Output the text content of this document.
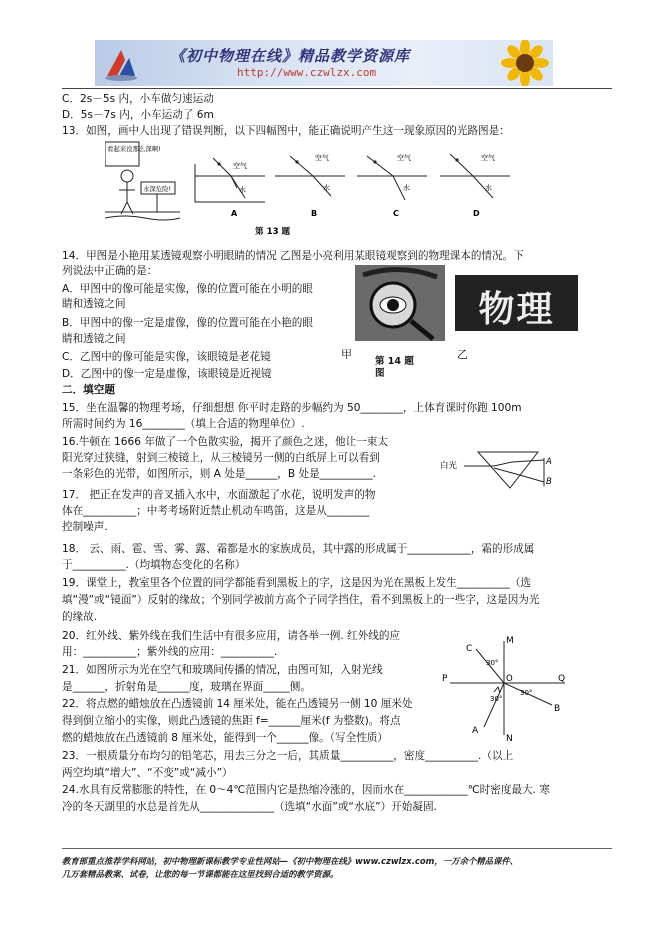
《初中物理在线》精品教学资源库
http://www.czwlzx.com
C．2s－5s 内，小车做匀速运动
D．5s－7s 内，小车运动了 6m
13．如图，画中人出现了错误判断，以下四幅图中，能正确说明产生这一现象原因的光路图是：
14．甲图是小艳用某透镜观察小明眼睛的情况 乙图是小亮利用某眼镜观察到的物理课本的情况。下
列说法中正确的是：
A．甲图中的像可能是实像，像的位置可能在小明的眼
睛和透镜之间
B．甲图中的像一定是虚像，像的位置可能在小艳的眼
睛和透镜之间
C．乙图中的像可能是实像，该眼镜是老花镜
D．乙图中的像一定是虚像，该眼镜是近视镜
二．填空题
15．坐在温馨的物理考场，仔细想想 你平时走路的步幅约为 50________，上体育课时你跑 100m
所需时间约为 16________（填上合适的物理单位）.
16.牛顿在 1666 年做了一个色散实验，揭开了颜色之迷，他让一束太
阳光穿过狭缝，射到三棱镜上，从三棱镜另一侧的白纸屏上可以看到
一条彩色的光带，如图所示，则 A 处是______，B 处是__________.
17． 把正在发声的音叉插入水中，水面激起了水花，说明发声的物
体在__________；中考考场附近禁止机动车鸣笛，这是从________
控制噪声.
18． 云、雨、雹、雪、雾、露、霜都是水的家族成员，其中露的形成属于____________，霜的形成属
于__________.（均填物态变化的名称）
19．课堂上，教室里各个位置的同学都能看到黑板上的字，这是因为光在黑板上发生__________（选
填“漫”或“镜面”）反射的缘故；个别同学被前方高个子同学挡住，看不到黑板上的一些字，这是因为光
的缘故.
20．红外线、紫外线在我们生活中有很多应用，请各举一例. 红外线的应
用：__________；紫外线的应用：__________.
21．如图所示为光在空气和玻璃间传播的情况，由图可知，入射光线
是______，折射角是______度，玻璃在界面_____侧。
22．将点燃的蜡烛放在凸透镜前 14 厘米处，能在凸透镜另一侧 10 厘米处
得到倒立缩小的实像，则此凸透镜的焦距 f=______厘米(f 为整数)。将点
燃的蜡烛放在凸透镜前 8 厘米处，能得到一个______像。（写全性质）
23．一根质量分布均匀的铅笔芯，用去三分之一后，其质量__________，密度__________.（以上
两空均填“增大”、“不变”或“减小”）
24.水具有反常膨胀的特性，在 0～4℃范围内它是热缩冷涨的，因而水在____________℃时密度最大. 寒
冷的冬天湖里的水总是首先从______________（选填“水面”或“水底”）开始凝固.
看起来没那么深啊!
水深危险!
空气
水
空气
水
空气
水
空气
水
A	B	C	D
第 13 题
物理
甲
第 14 题
图
乙
白光	A
B
P	Q
M
N
O
C
B
A
30°
30°
30°
教育部重点推荐学科网站，初中物理新课标教学专业性网站—《初中物理在线》www.czwlzx.com，一万余个精品课件、
几万套精品教案、试卷，让您的每一节课都能在这里找到合适的教学资源。
